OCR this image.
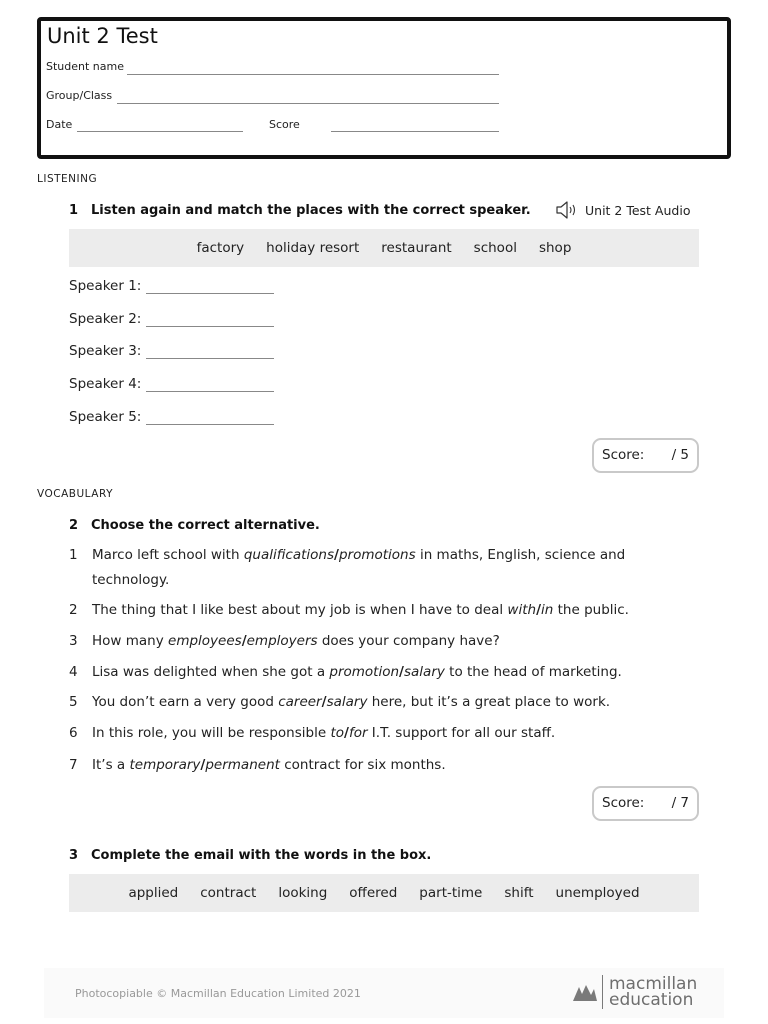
Unit 2 Test
Student name
Group/Class
Date	Score
LISTENING
1 Listen again and match the places with the correct speaker.	Unit 2 Test Audio
factory holiday resort restaurant school shop
Speaker 1:
Speaker 2:
Speaker 3:
Speaker 4:
Speaker 5:
Score: / 5
VOCABULARY
2 Choose the correct alternative.
1	Marco left school with qualifications/promotions in maths, English, science and technology.
2	The thing that I like best about my job is when I have to deal with/in the public.
3	How many employees/employers does your company have?
4	Lisa was delighted when she got a promotion/salary to the head of marketing.
5	You don’t earn a very good career/salary here, but it’s a great place to work.
6	In this role, you will be responsible to/for I.T. support for all our staff.
7	It’s a temporary/permanent contract for six months.
Score: / 7
3 Complete the email with the words in the box.
applied contract looking offered part-time shift unemployed
Photocopiable © Macmillan Education Limited 2021	macmillan
education
